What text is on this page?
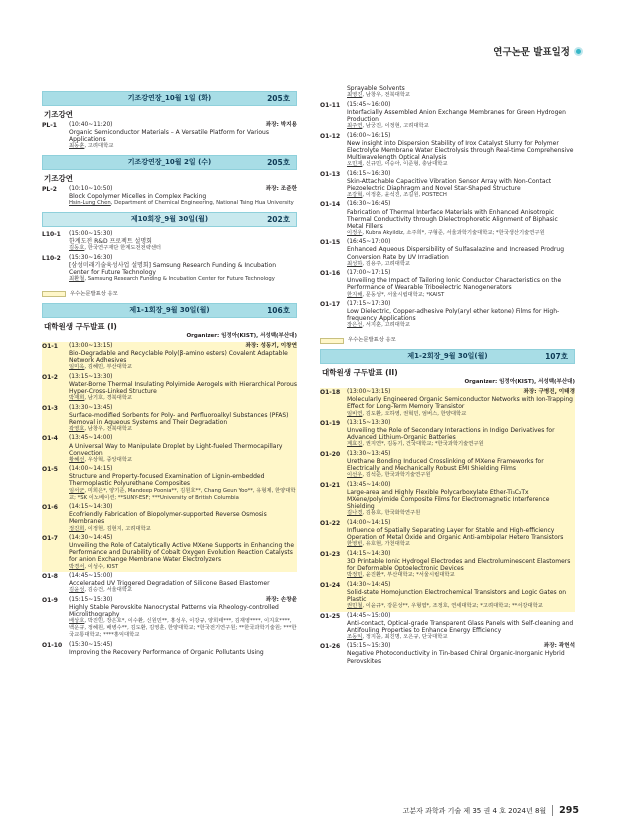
연구논문 발표일정
기조강연장_10월 1일 (화)	205호
기조강연
PL-1	(10:40~11:20)	좌장: 박지용
Organic Semiconductor Materials – A Versatile Platform for Various Applications
최동훈, 고려대학교
기조강연장_10월 2일 (수)	205호
기조강연
PL-2	(10:10~10:50)	좌장: 조준한
Block Copolymer Micelles in Complex Packing
Hsin-Lung Chen, Department of Chemical Engineering, National Tsing Hua University
제10회장_9월 30일(월)	202호
L10-1	(15:00~15:30)
한계도전 R&D 프로젝트 설명회
김동호, 한국연구재단 한계도전전략센터
L10-2	(15:30~16:30)
[삼성미래기술육성사업 설명회] Samsung Research Funding & Incubation Center for Future Technology
최환철, Samsung Research Funding & Incubation Center for Future Technology
우수논문발표상 응모
제1-1회장_9월 30일(월)	106호
대학원생 구두발표 (I)
Organizer: 임정아(KIST), 서성백(부산대)
O1-1	(13:00~13:15)	좌장: 성동기, 이창연
Bio-Degradable and Recyclable Poly(β-amino esters) Covalent Adaptable Network Adhesives
임미옥, 김혜민, 부산대학교
O1-2	(13:15~13:30)
Water-Borne Thermal Insulating Polyimide Aerogels with Hierarchical Porous Hyper-Cross-Linked Structure
박재희, 남기호, 경북대학교
O1-3	(13:30~13:45)
Surface-modified Sorbents for Poly- and Perfluoroalkyl Substances (PFAS) Removal in Aqueous Systems and Their Degradation
곽영호, 남창우, 전북대학교
O1-4	(13:45~14:00)
A Universal Way to Manipulate Droplet by Light-fueled Thermocapillary Convection
황혜선, 우상혁, 중앙대학교
O1-5	(14:00~14:15)
Structure and Property-focused Examination of Lignin-embedded Thermoplastic Polyurethane Composites
임서군, 미희은*, 양기준, Mandeep Poonia**, 김원호**, Chang Geun Yoo**, 유형제, 한양대학교; *SK 이노베이션; **SUNY-ESF; ***University of British Columbia
O1-6	(14:15~14:30)
Ecofriendly Fabrication of Biopolymer-supported Reverse Osmosis Membranes
정진희, 이정현, 김현지, 고려대학교
O1-7	(14:30~14:45)
Unveiling the Role of Catalytically Active MXene Supports in Enhancing the Performance and Durability of Cobalt Oxygen Evolution Reaction Catalysts for anion Exchange Membrane Water Electrolyzers
박경서, 이성수, KIST
O1-8	(14:45~15:00)
Accelerated UV Triggered Degradation of Silicone Based Elastomer
김윤성, 김승건, 서울대학교
O1-9	(15:15~15:30)	좌장: 손창윤
Highly Stable Perovskite Nanocrystal Patterns via Rheology-controlled Microlithography
배상호, 박진민, 장은호*, 이수환, 신원민**, 홍성우, 이강규, 양희태***, 김재영****, 이지호****, 백운규, 정혜원, 배병수**, 김도환, 김영훈, 한양대학교; *한국전기연구원; **한국과학기술원; ***한국교통대학교; ****홍익대학교
O1-10	(15:30~15:45)
Improving the Recovery Performance of Organic Pollutants Using
Sprayable Solvents
최영진, 남창우, 전북대학교
O1-11	(15:45~16:00)
Interfacially Assembled Anion Exchange Membranes for Green Hydrogen Production
최주연, 남궁진, 이정현, 고려대학교
O1-12	(16:00~16:15)
New insight into Dispersion Stability of Irox Catalyst Slurry for Polymer Electrolyte Membrane Water Electrolysis through Real-time Comprehensive Multiwavelength Optical Analysis
오민재, 신규민, 이승아, 이준형, 충남대학교
O1-13	(16:15~16:30)
Skin-Attachable Capacitive Vibration Sensor Array with Non-Contact Piezoelectric Diaphragm and Novel Star-Shaped Structure
조강혁, 이정훈, 윤석진, 조길원, POSTECH
O1-14	(16:30~16:45)
Fabrication of Thermal Interface Materials with Enhanced Anisotropic Thermal Conductivity through Dielectrophoretic Alignment of Biphasic Metal Fillers
이정우, Kubra Akyildiz, 소주희*, 구형준, 서울과학기술대학교; *한국생산기술연구원
O1-15	(16:45~17:00)
Enhanced Aqueous Dispersibility of Sulfasalazine and Increased Prodrug Conversion Rate by UV Irradiation
최성하, 김용주, 고려대학교
O1-16	(17:00~17:15)
Unveiling the Impact of Tailoring Ionic Conductor Characteristics on the Performance of Wearable Triboelectric Nanogenerators
한지해, 문동성*, 서울시립대학교; *KAIST
O1-17	(17:15~17:30)
Low Dielectric, Copper-adhesive Poly(aryl ether ketone) Films for High-frequency Applications
장은선, 서지훈, 고려대학교
우수논문발표상 응모
제1-2회장_9월 30일(월)	107호
대학원생 구두발표 (II)
Organizer: 임정아(KIST), 서성백(부산대)
O1-18	(13:00~13:15)	좌장: 구병진, 이태경
Molecularly Engineered Organic Semiconductor Networks with Ion-Trapping Effect for Long-Term Memory Transistor
임비연, 김도환, 오하영, 권혁민, 엄버스, 한양대학교
O1-19	(13:15~13:30)
Unveiling the Role of Secondary Interactions in Indigo Derivatives for Advanced Lithium-Organic Batteries
계효진, 권지연*, 김동기, 건국대학교; *한국과학기술연구원
O1-20	(13:30~13:45)
Urethane Bonding Induced Crosslinking of MXene Frameworks for Electrically and Mechanically Robust EMI Shielding Films
이선우, 김석준, 한국과학기술연구원
O1-21	(13:45~14:00)
Large-area and Highly Flexible Polycarboxylate Ether-Ti₃C₂Tx MXene/polyimide Composite Films for Electromagnetic Interference Shielding
김나경, 김용호, 한국화학연구원
O1-22	(14:00~14:15)
Influence of Spatially Separating Layer for Stable and High-efficiency Operation of Metal Oxide and Organic Anti-ambipolar Hetero Transistors
한영빈, 유호현, 가천대학교
O1-23	(14:15~14:30)
3D Printable Ionic Hydrogel Electrodes and Electroluminescent Elastomers for Deformable Optoelectronic Devices
박정민, 윤진환*, 부산대학교; *서울시립대학교
O1-24	(14:30~14:45)
Solid-state Homojunction Electrochemical Transistors and Logic Gates on Plastic
권민철, 이윤규*, 강문성**, 우형엽*, 조정호, 연세대학교; *고려대학교; **서강대학교
O1-25	(14:45~15:00)
Anti-contact, Optical-grade Transparent Glass Panels with Self-cleaning and Antifouling Properties to Enhance Energy Efficiency
조동익, 정지윤, 최진명, 오은규, 단국대학교
O1-26	(15:15~15:30)	좌장: 곽헌석
Negative Photoconductivity in Tin-based Chiral Organic-Inorganic Hybrid Perovskites
고분자 과학과 기술 제 35 권 4 호 2024년 8월	295
